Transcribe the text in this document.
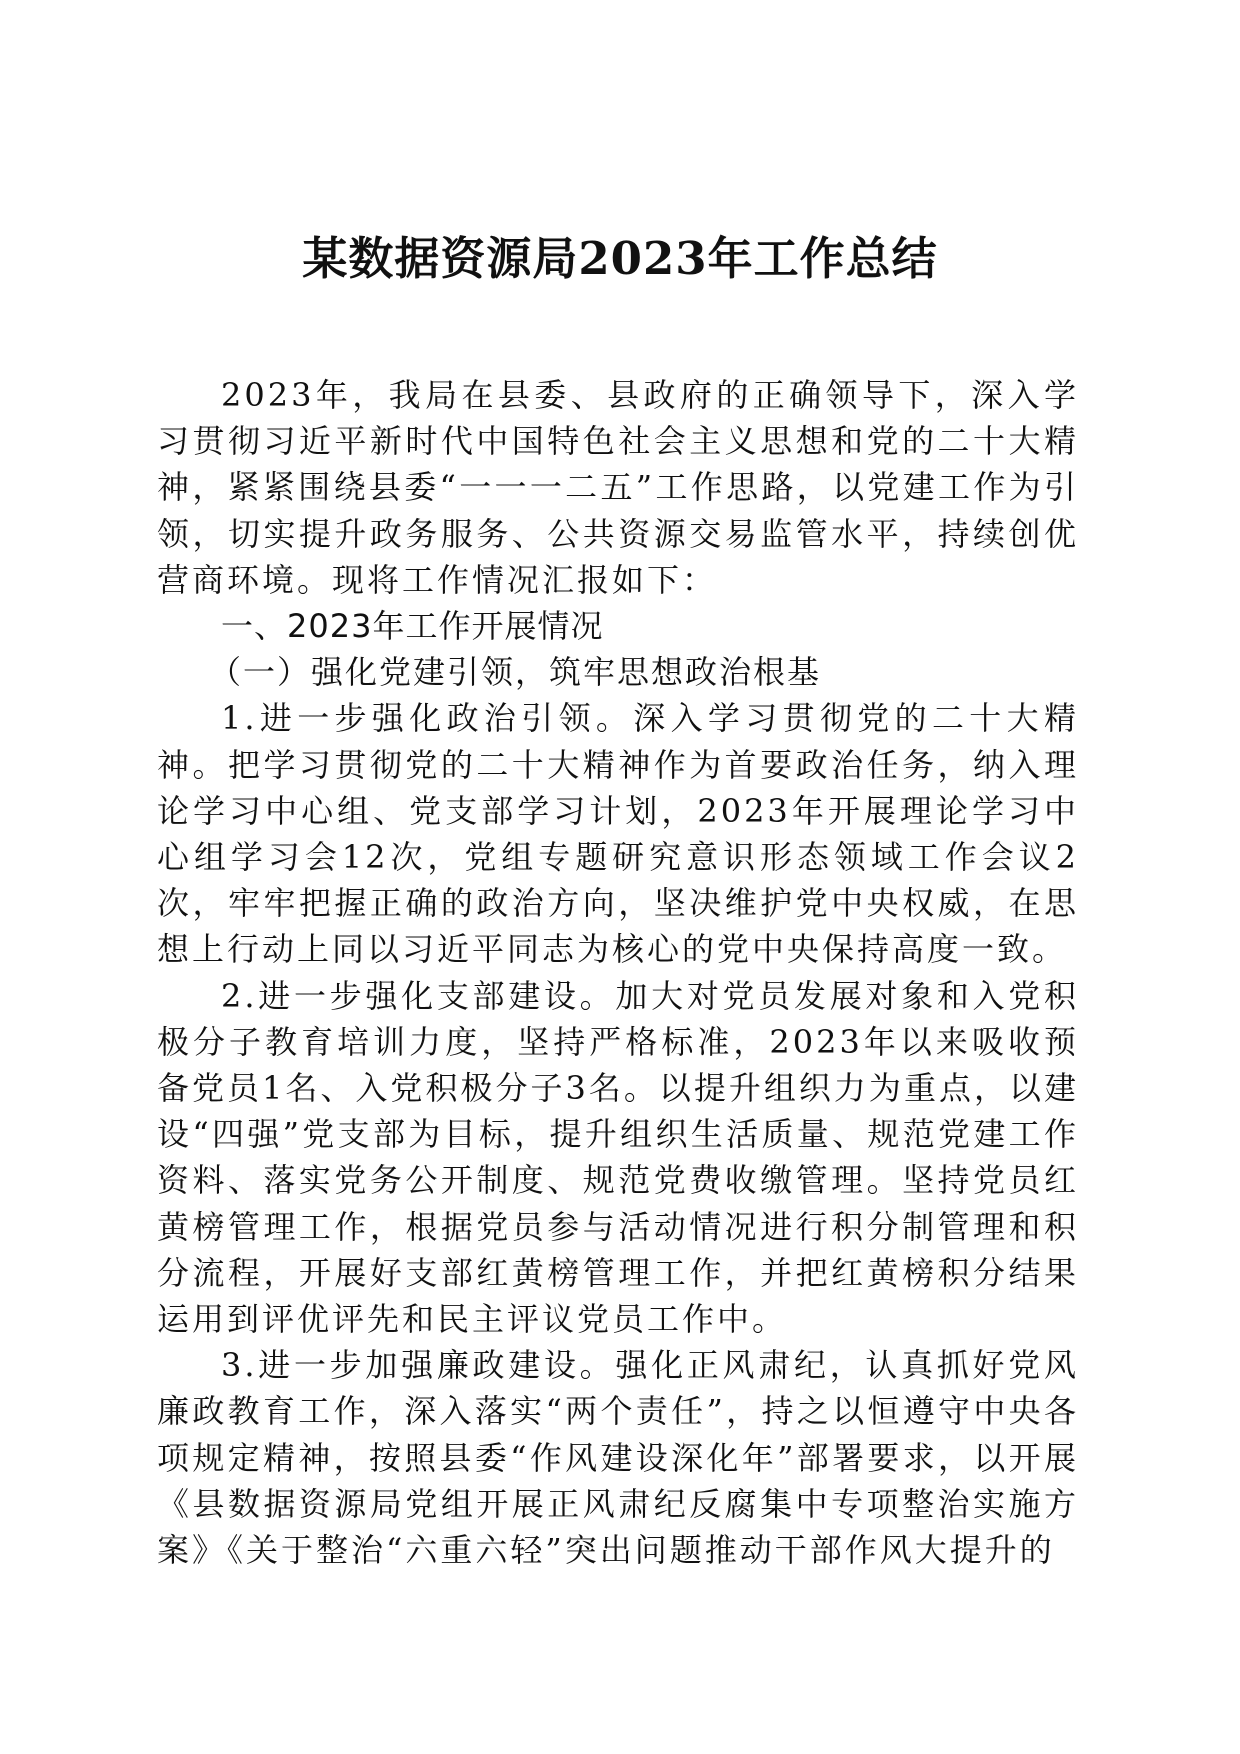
某数据资源局2023年工作总结

2023年，我局在县委、县政府的正确领导下，深入学习贯彻习近平新时代中国特色社会主义思想和党的二十大精神，紧紧围绕县委“一一一二五”工作思路，以党建工作为引领，切实提升政务服务、公共资源交易监管水平，持续创优营商环境。现将工作情况汇报如下：

一、2023年工作开展情况

（一）强化党建引领，筑牢思想政治根基

1.进一步强化政治引领。深入学习贯彻党的二十大精神。把学习贯彻党的二十大精神作为首要政治任务，纳入理论学习中心组、党支部学习计划，2023年开展理论学习中心组学习会12次，党组专题研究意识形态领域工作会议2次，牢牢把握正确的政治方向，坚决维护党中央权威，在思想上行动上同以习近平同志为核心的党中央保持高度一致。

2.进一步强化支部建设。加大对党员发展对象和入党积极分子教育培训力度，坚持严格标准，2023年以来吸收预备党员1名、入党积极分子3名。以提升组织力为重点，以建设“四强”党支部为目标，提升组织生活质量、规范党建工作资料、落实党务公开制度、规范党费收缴管理。坚持党员红黄榜管理工作，根据党员参与活动情况进行积分制管理和积分流程，开展好支部红黄榜管理工作，并把红黄榜积分结果运用到评优评先和民主评议党员工作中。

3.进一步加强廉政建设。强化正风肃纪，认真抓好党风廉政教育工作，深入落实“两个责任”，持之以恒遵守中央各项规定精神，按照县委“作风建设深化年”部署要求，以开展《县数据资源局党组开展正风肃纪反腐集中专项整治实施方案》《关于整治“六重六轻”突出问题推动干部作风大提升的
